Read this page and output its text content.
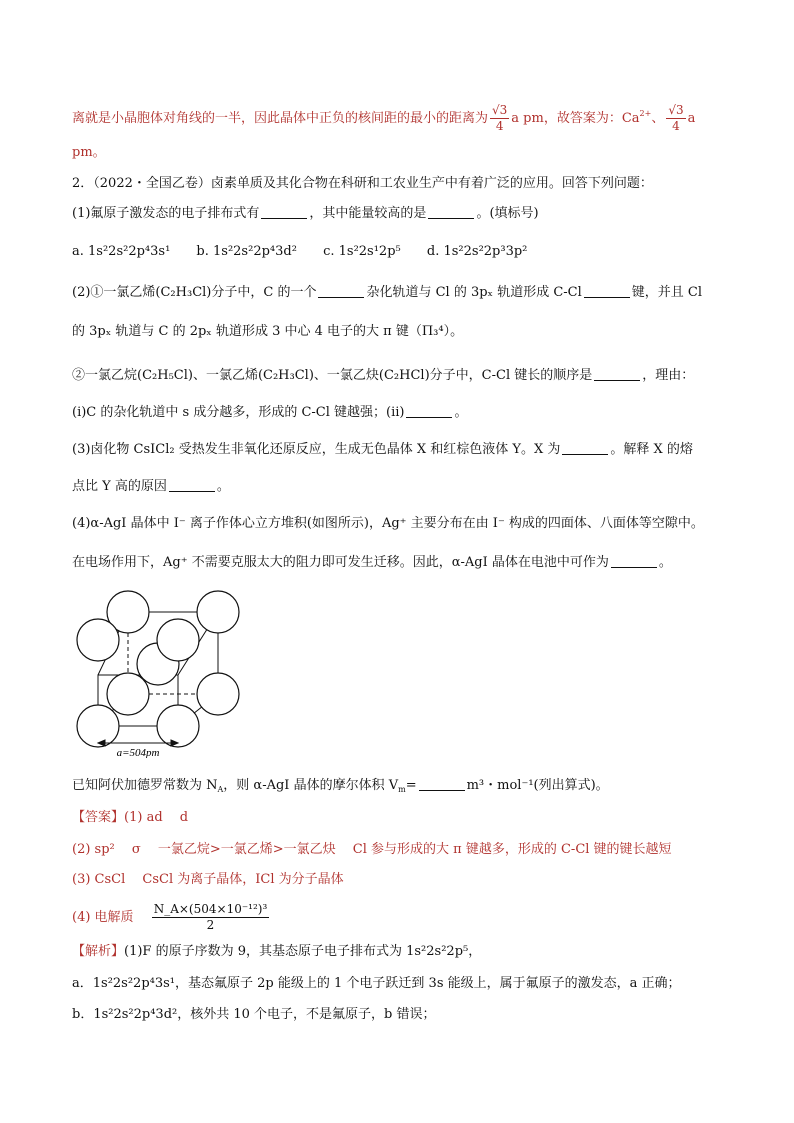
离就是小晶胞体对角线的一半，因此晶体中正负的核间距的最小的距离为 $\frac{√3}{4}$ a pm，故答案为：$Ca^{2+}$、 $\frac{√3}{4}$ a
pm。
2．（2022・全国乙卷）卤素单质及其化合物在科研和工农业生产中有着广泛的应用。回答下列问题：
(1)氟原子激发态的电子排布式有	，其中能量较高的是	。(填标号)
a. 1s²2s²2p⁴3s¹ b. 1s²2s²2p⁴3d² c. 1s²2s¹2p⁵ d. 1s²2s²2p³3p²
(2)①一氯乙烯(C₂H₃Cl)分子中，C 的一个	杂化轨道与 Cl 的 3pₓ 轨道形成 C-Cl	键，并且 Cl
的 3pₓ 轨道与 C 的 2pₓ 轨道形成 3 中心 4 电子的大 π 键（Π₃⁴）。
②一氯乙烷(C₂H₅Cl)、一氯乙烯(C₂H₃Cl)、一氯乙炔(C₂HCl)分子中，C-Cl 键长的顺序是	，理由：
(ⅰ)C 的杂化轨道中 s 成分越多，形成的 C-Cl 键越强；(ⅱ)	。
(3)卤化物 CsICl₂ 受热发生非氧化还原反应，生成无色晶体 X 和红棕色液体 Y。X 为	。解释 X 的熔
点比 Y 高的原因	。
(4)α-AgI 晶体中 I⁻ 离子作体心立方堆积(如图所示)，Ag⁺ 主要分布在由 I⁻ 构成的四面体、八面体等空隙中。
在电场作用下，Ag⁺ 不需要克服太大的阻力即可发生迁移。因此，α-AgI 晶体在电池中可作为	。
a=504pm
已知阿伏加德罗常数为 $N_A$，则 α-AgI 晶体的摩尔体积 $V_m=$	m³・mol⁻¹(列出算式)。
【答案】(1) ad　 d
(2) sp²　 σ　 一氯乙烷>一氯乙烯>一氯乙炔　 Cl 参与形成的大 π 键越多，形成的 C-Cl 键的键长越短
(3) CsCl　 CsCl 为离子晶体，ICl 为分子晶体
(4) 电解质 $\frac{\text{N\_A×(504×10⁻¹²)³}}{2}$
【解析】(1)F 的原子序数为 9，其基态原子电子排布式为 1s²2s²2p⁵，
a．1s²2s²2p⁴3s¹，基态氟原子 2p 能级上的 1 个电子跃迁到 3s 能级上，属于氟原子的激发态，a 正确；
b．1s²2s²2p⁴3d²，核外共 10 个电子，不是氟原子，b 错误；
